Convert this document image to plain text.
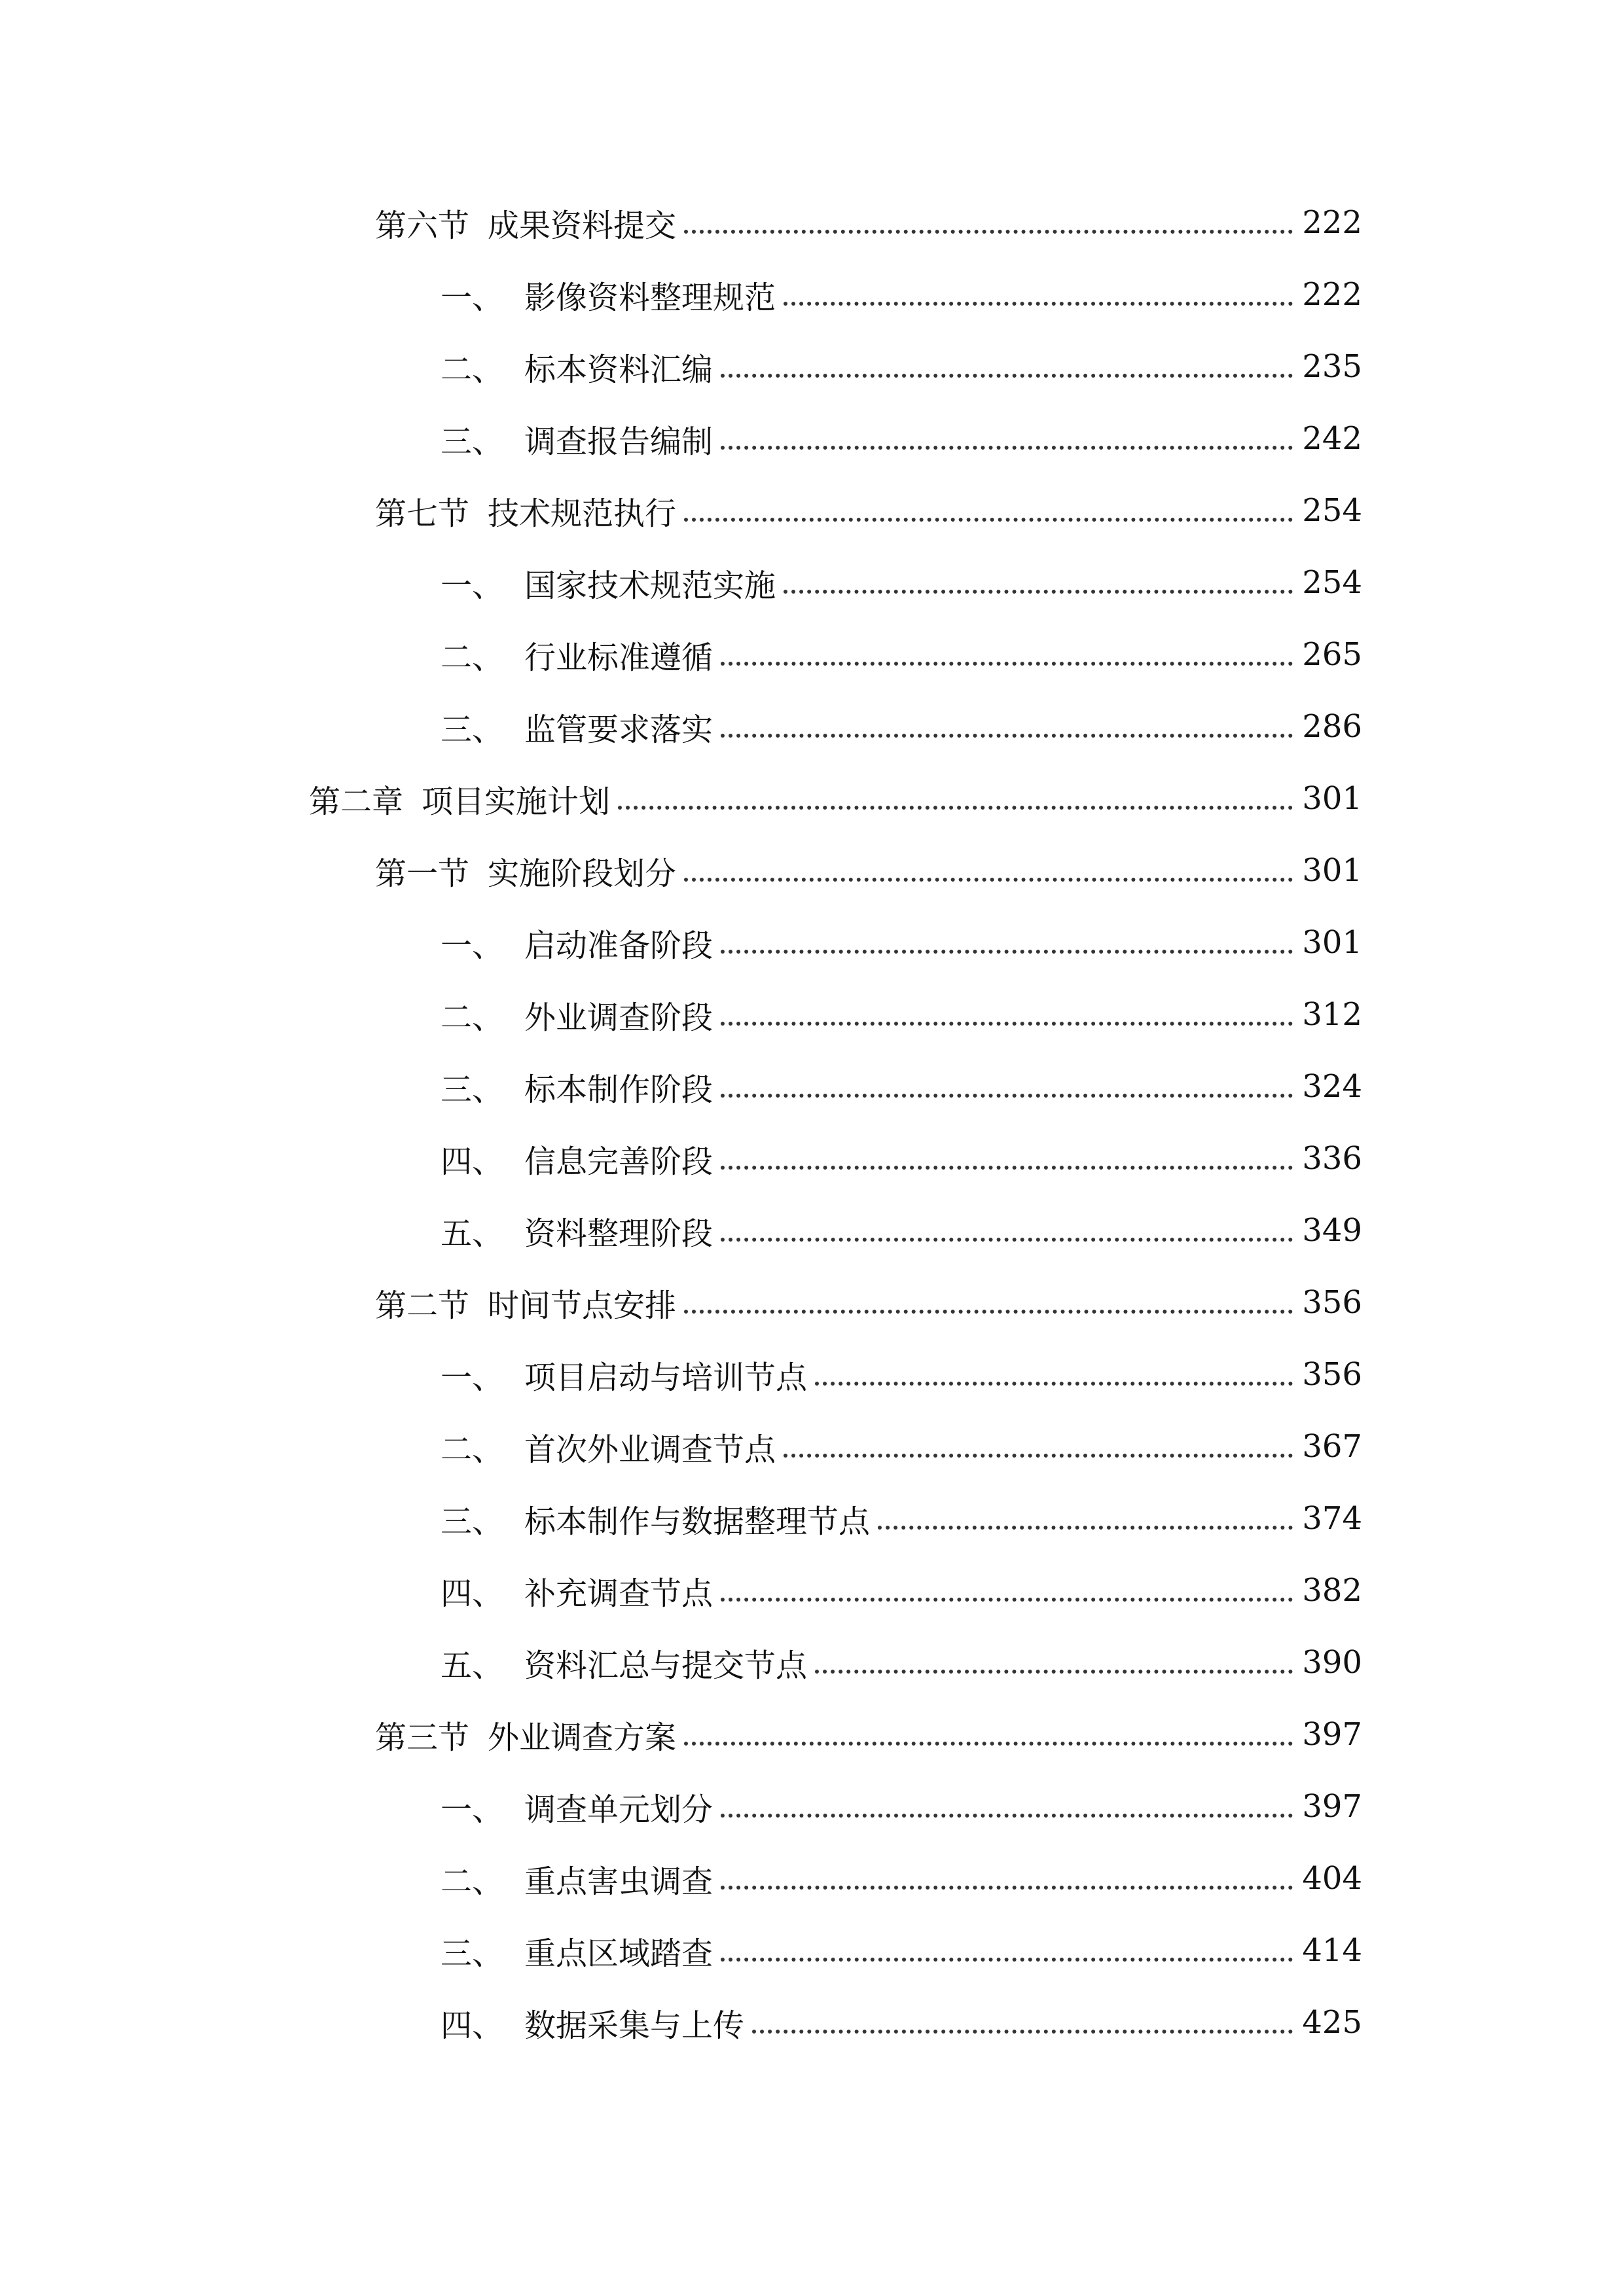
第六节 成果资料提交	222
一、 影像资料整理规范	222
二、 标本资料汇编	235
三、 调查报告编制	242
第七节 技术规范执行	254
一、 国家技术规范实施	254
二、 行业标准遵循	265
三、 监管要求落实	286
第二章 项目实施计划	301
第一节 实施阶段划分	301
一、 启动准备阶段	301
二、 外业调查阶段	312
三、 标本制作阶段	324
四、 信息完善阶段	336
五、 资料整理阶段	349
第二节 时间节点安排	356
一、 项目启动与培训节点	356
二、 首次外业调查节点	367
三、 标本制作与数据整理节点	374
四、 补充调查节点	382
五、 资料汇总与提交节点	390
第三节 外业调查方案	397
一、 调查单元划分	397
二、 重点害虫调查	404
三、 重点区域踏查	414
四、 数据采集与上传	425
